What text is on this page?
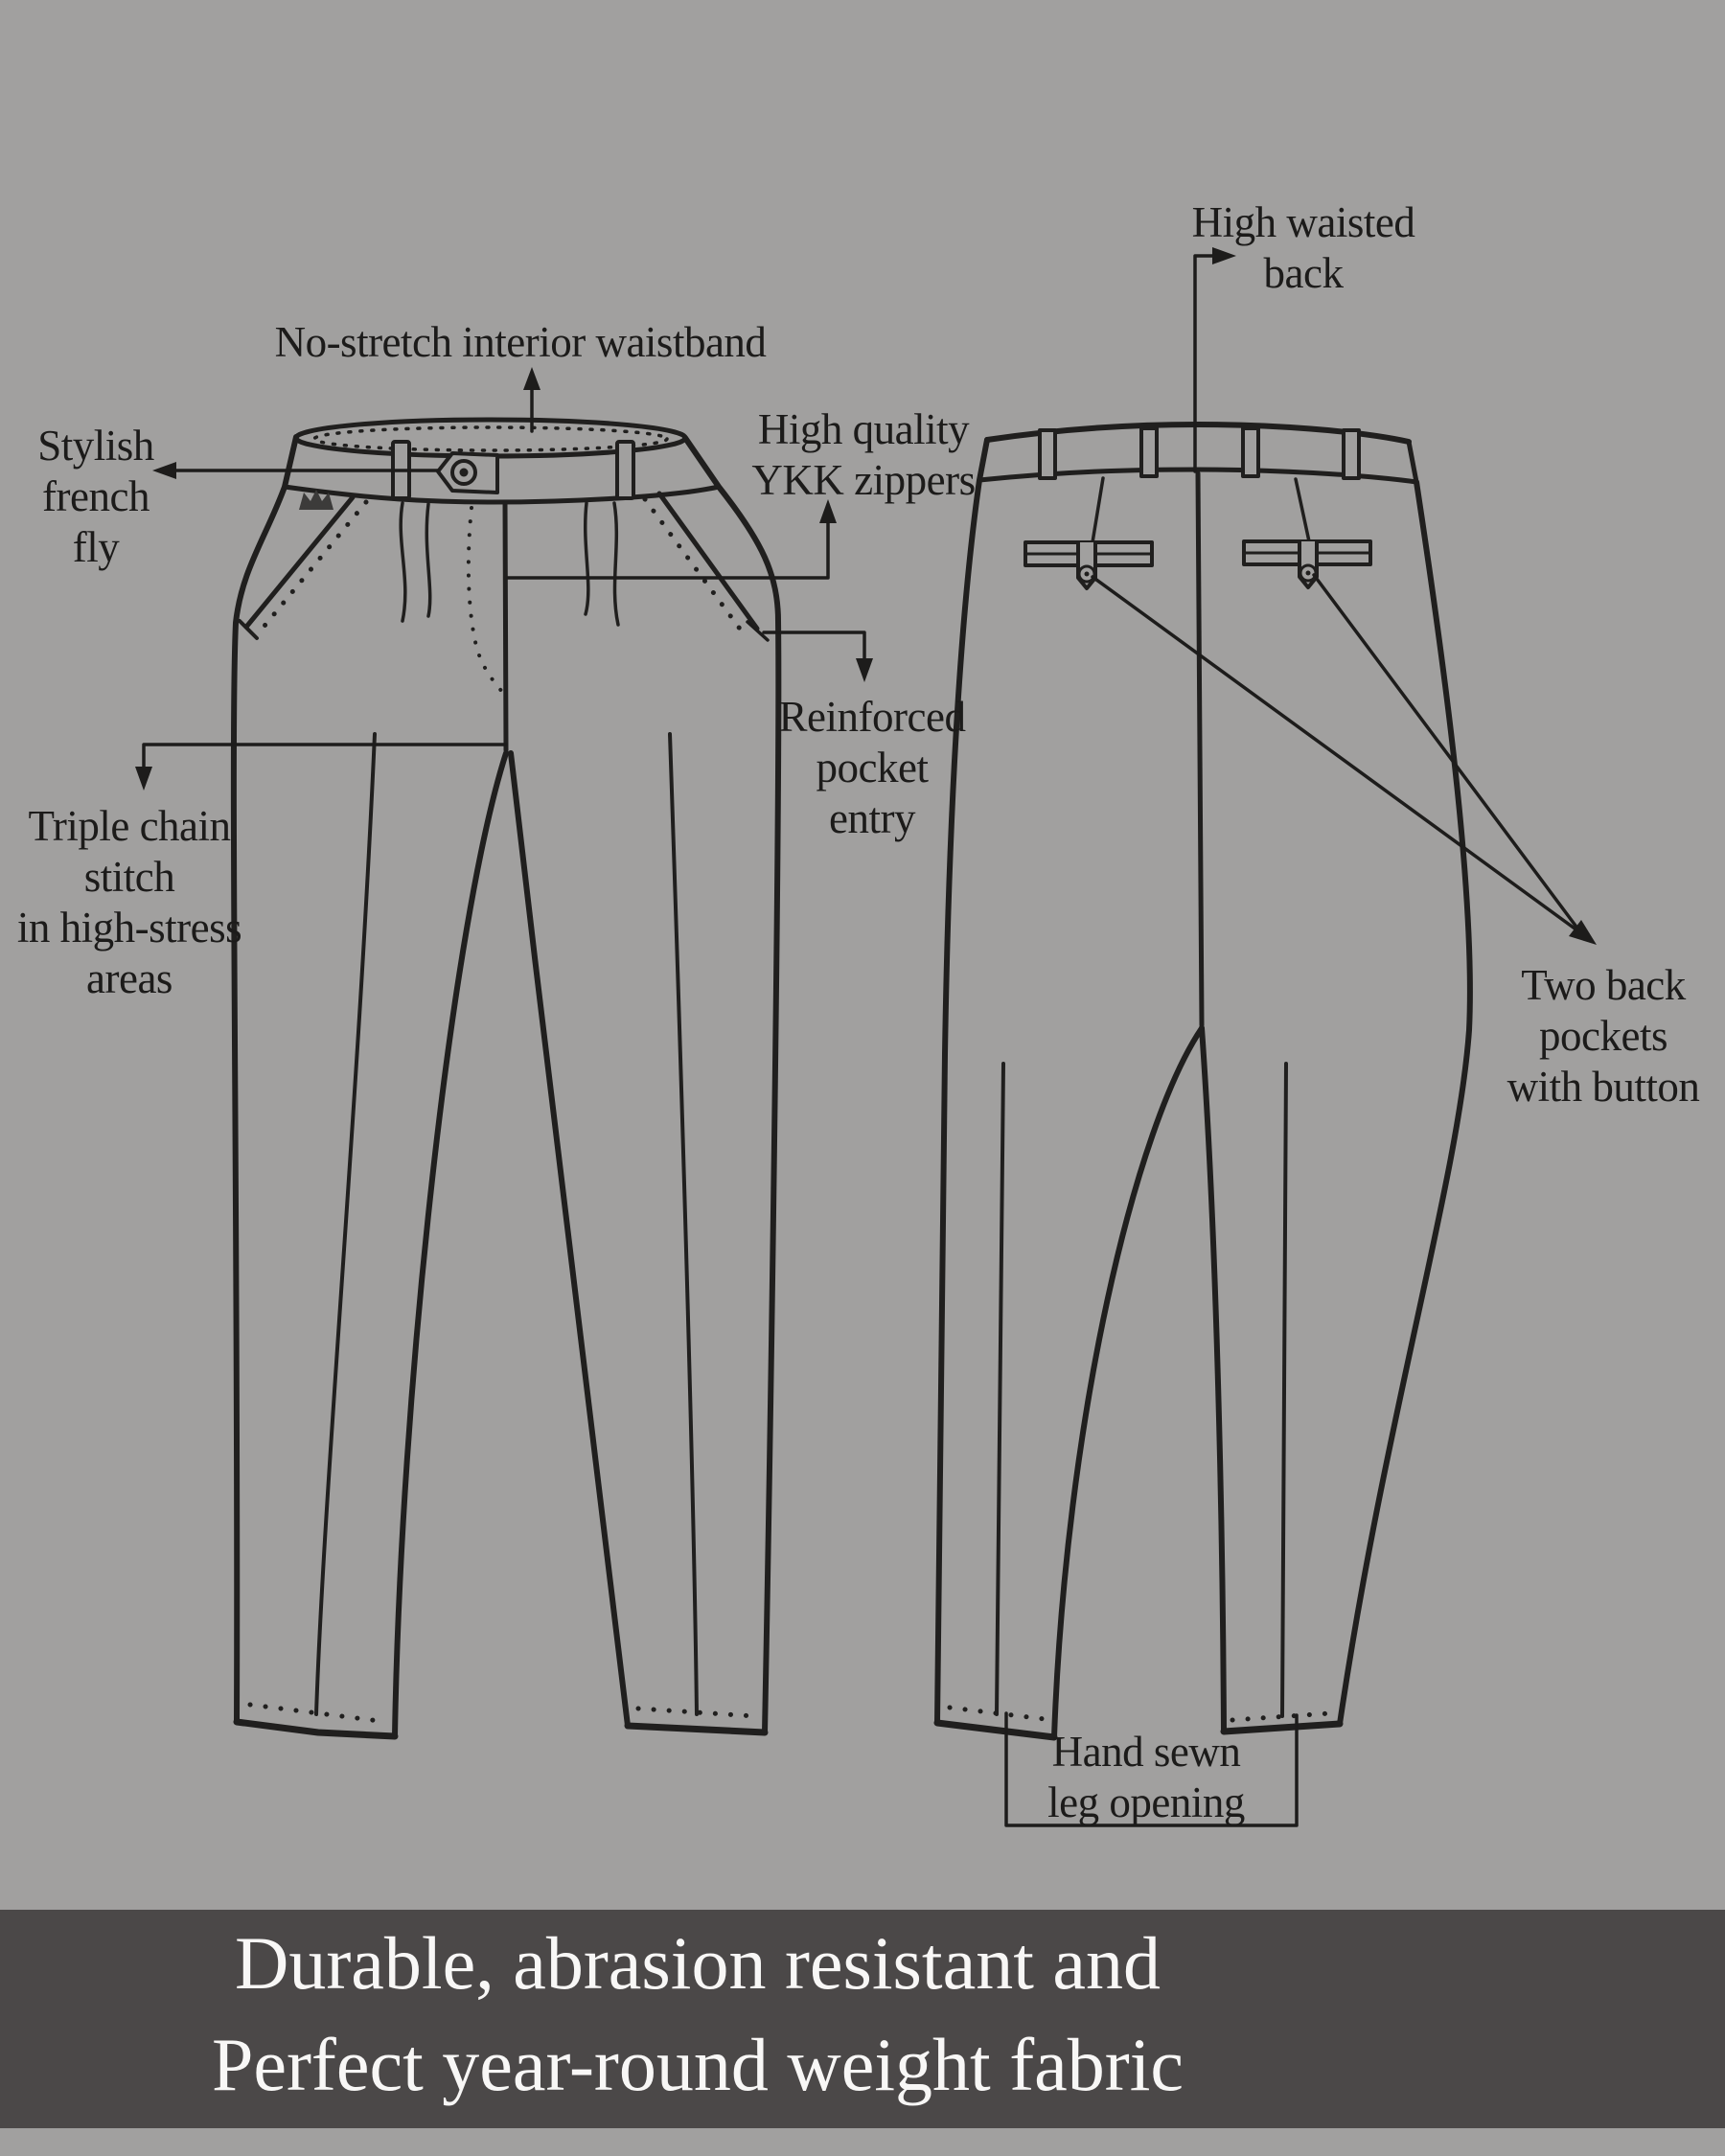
No-stretch interior waistband
Stylish
french
fly
High quality
YKK zippers
Reinforced
pocket
entry
Triple chain
stitch
in high-stress
areas
High waisted
back
Two back
pockets
with button
Hand sewn
leg opening
Durable, abrasion resistant and
Perfect year-round weight fabric
